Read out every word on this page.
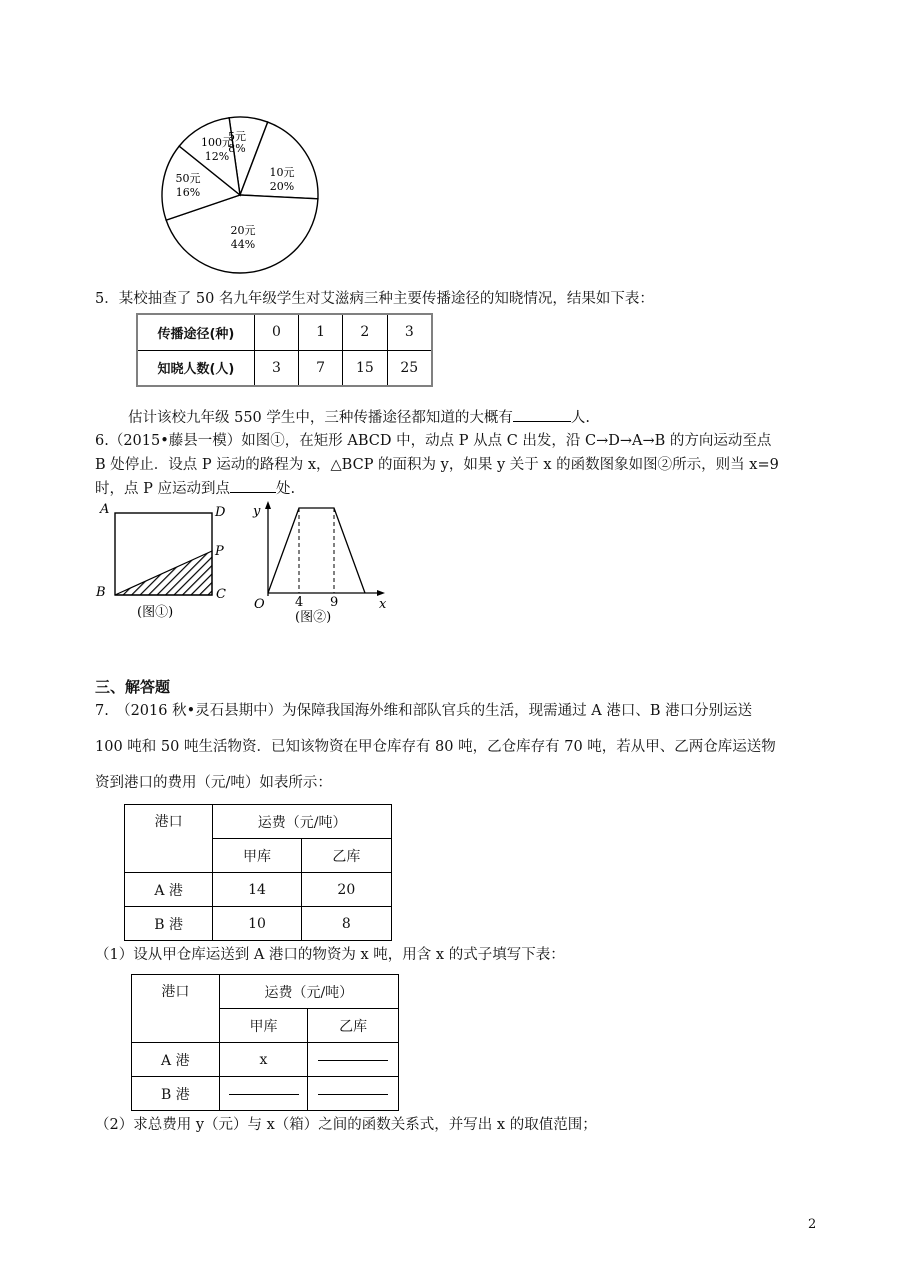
5元
8%
10元
20%
20元
44%
50元
16%
100元
12%
5．某校抽查了 50 名九年级学生对艾滋病三种主要传播途径的知晓情况，结果如下表：
传播途径(种)	0	1	2	3
知晓人数(人)	3	7	15	25
估计该校九年级 550 学生中，三种传播途径都知道的大概有	人.
6.（2015•藤县一模）如图①，在矩形 ABCD 中，动点 P 从点 C 出发，沿 C→D→A→B 的方向运动至点
B 处停止．设点 P 运动的路程为 x，△BCP 的面积为 y，如果 y 关于 x 的函数图象如图②所示，则当 x=9
时，点 P 应运动到点	处.
A	D
P
B	C
(图①)
y
x
O 4 9
(图②)
三、解答题
7.　（2016 秋•灵石县期中）为保障我国海外维和部队官兵的生活，现需通过 A 港口、B 港口分别运送
100 吨和 50 吨生活物资．已知该物资在甲仓库存有 80 吨，乙仓库存有 70 吨，若从甲、乙两仓库运送物
资到港口的费用（元/吨）如表所示：
港口	运费（元/吨）	
	甲库	乙库
A 港	14	20
B 港	10	8
（1）设从甲仓库运送到 A 港口的物资为 x 吨，用含 x 的式子填写下表：
港口	运费（元/吨）	
	甲库	乙库
A 港	x	
B 港		
（2）求总费用 y（元）与 x（箱）之间的函数关系式，并写出 x 的取值范围；
2
